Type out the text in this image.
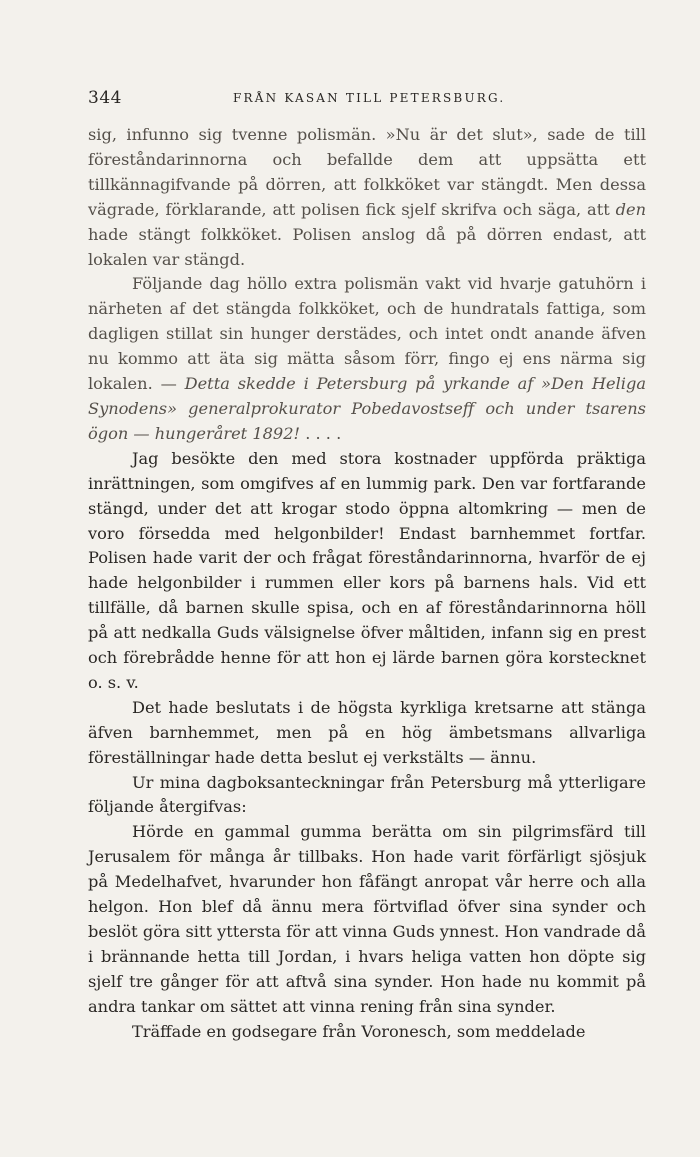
344	FRÅN KASAN TILL PETERSBURG.

sig, infunno sig tvenne polismän. »Nu är det slut», sade de till föreståndarinnorna och befallde dem att uppsätta ett tillkännagifvande på dörren, att folkköket var stängdt. Men dessa vägrade, förklarande, att polisen fick sjelf skrifva och säga, att den hade stängt folkköket. Polisen anslog då på dörren endast, att lokalen var stängd.

Följande dag höllo extra polismän vakt vid hvarje gatuhörn i närheten af det stängda folkköket, och de hundratals fattiga, som dagligen stillat sin hunger derstädes, och intet ondt anande äfven nu kommo att äta sig mätta såsom förr, fingo ej ens närma sig lokalen. — Detta skedde i Petersburg på yrkande af »Den Heliga Synodens» generalprokurator Pobedavostseff och under tsarens ögon — hungeråret 1892! . . . .

Jag besökte den med stora kostnader uppförda präktiga inrättningen, som omgifves af en lummig park. Den var fortfarande stängd, under det att krogar stodo öppna altomkring — men de voro försedda med helgonbilder! Endast barnhemmet fortfar. Polisen hade varit der och frågat föreståndarinnorna, hvarför de ej hade helgonbilder i rummen eller kors på barnens hals. Vid ett tillfälle, då barnen skulle spisa, och en af föreståndarinnorna höll på att nedkalla Guds välsignelse öfver måltiden, infann sig en prest och förebrådde henne för att hon ej lärde barnen göra korstecknet o. s. v.

Det hade beslutats i de högsta kyrkliga kretsarne att stänga äfven barnhemmet, men på en hög ämbetsmans allvarliga föreställningar hade detta beslut ej verkstälts — ännu.

Ur mina dagboksanteckningar från Petersburg må ytterligare följande återgifvas:

Hörde en gammal gumma berätta om sin pilgrimsfärd till Jerusalem för många år tillbaks. Hon hade varit förfärligt sjösjuk på Medelhafvet, hvarunder hon fåfängt anropat vår herre och alla helgon. Hon blef då ännu mera förtviflad öfver sina synder och beslöt göra sitt yttersta för att vinna Guds ynnest. Hon vandrade då i brännande hetta till Jordan, i hvars heliga vatten hon döpte sig sjelf tre gånger för att aftvå sina synder. Hon hade nu kommit på andra tankar om sättet att vinna rening från sina synder.

Träffade en godsegare från Voronesch, som meddelade
